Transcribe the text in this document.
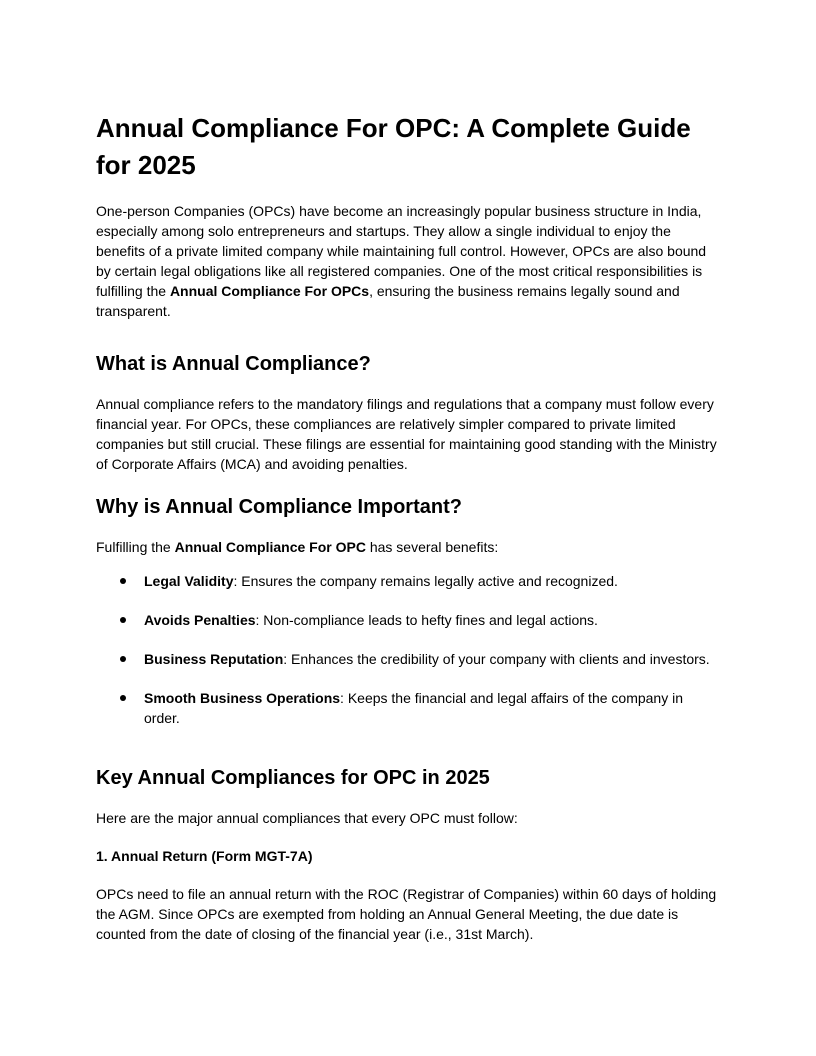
Annual Compliance For OPC: A Complete Guide for 2025

One-person Companies (OPCs) have become an increasingly popular business structure in India, especially among solo entrepreneurs and startups. They allow a single individual to enjoy the benefits of a private limited company while maintaining full control. However, OPCs are also bound by certain legal obligations like all registered companies. One of the most critical responsibilities is fulfilling the Annual Compliance For OPCs, ensuring the business remains legally sound and transparent.

What is Annual Compliance?

Annual compliance refers to the mandatory filings and regulations that a company must follow every financial year. For OPCs, these compliances are relatively simpler compared to private limited companies but still crucial. These filings are essential for maintaining good standing with the Ministry of Corporate Affairs (MCA) and avoiding penalties.

Why is Annual Compliance Important?

Fulfilling the Annual Compliance For OPC has several benefits:

Legal Validity: Ensures the company remains legally active and recognized.
Avoids Penalties: Non-compliance leads to hefty fines and legal actions.
Business Reputation: Enhances the credibility of your company with clients and investors.
Smooth Business Operations: Keeps the financial and legal affairs of the company in order.
Key Annual Compliances for OPC in 2025

Here are the major annual compliances that every OPC must follow:

1. Annual Return (Form MGT-7A)

OPCs need to file an annual return with the ROC (Registrar of Companies) within 60 days of holding the AGM. Since OPCs are exempted from holding an Annual General Meeting, the due date is counted from the date of closing of the financial year (i.e., 31st March).
